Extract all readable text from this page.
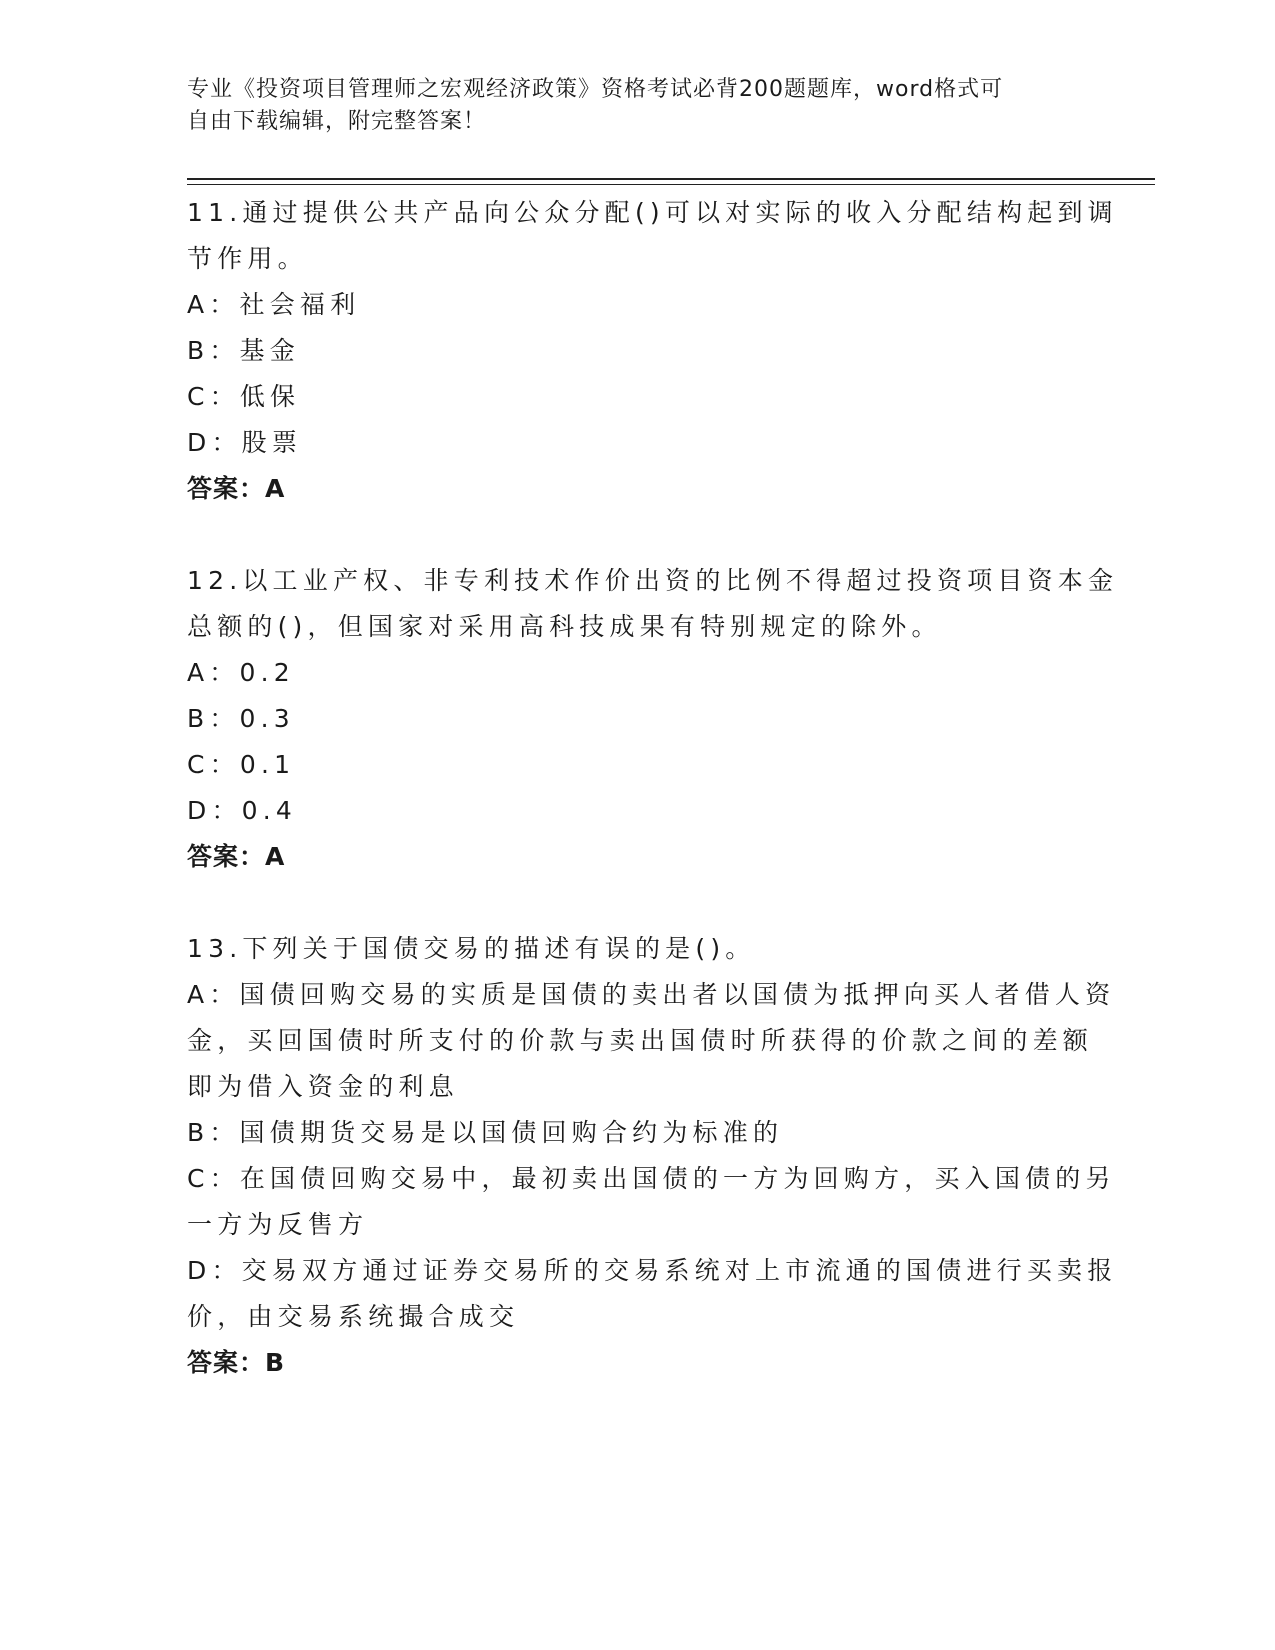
专业《投资项目管理师之宏观经济政策》资格考试必背200题题库，word格式可
自由下载编辑，附完整答案！
11.通过提供公共产品向公众分配()可以对实际的收入分配结构起到调
节作用。
A：社会福利
B：基金
C：低保
D：股票
答案：A
12.以工业产权、非专利技术作价出资的比例不得超过投资项目资本金
总额的()，但国家对采用高科技成果有特别规定的除外。
A：0.2
B：0.3
C：0.1
D：0.4
答案：A
13.下列关于国债交易的描述有误的是()。
A：国债回购交易的实质是国债的卖出者以国债为抵押向买人者借人资
金，买回国债时所支付的价款与卖出国债时所获得的价款之间的差额
即为借入资金的利息
B：国债期货交易是以国债回购合约为标准的
C：在国债回购交易中，最初卖出国债的一方为回购方，买入国债的另
一方为反售方
D：交易双方通过证券交易所的交易系统对上市流通的国债进行买卖报
价，由交易系统撮合成交
答案：B
